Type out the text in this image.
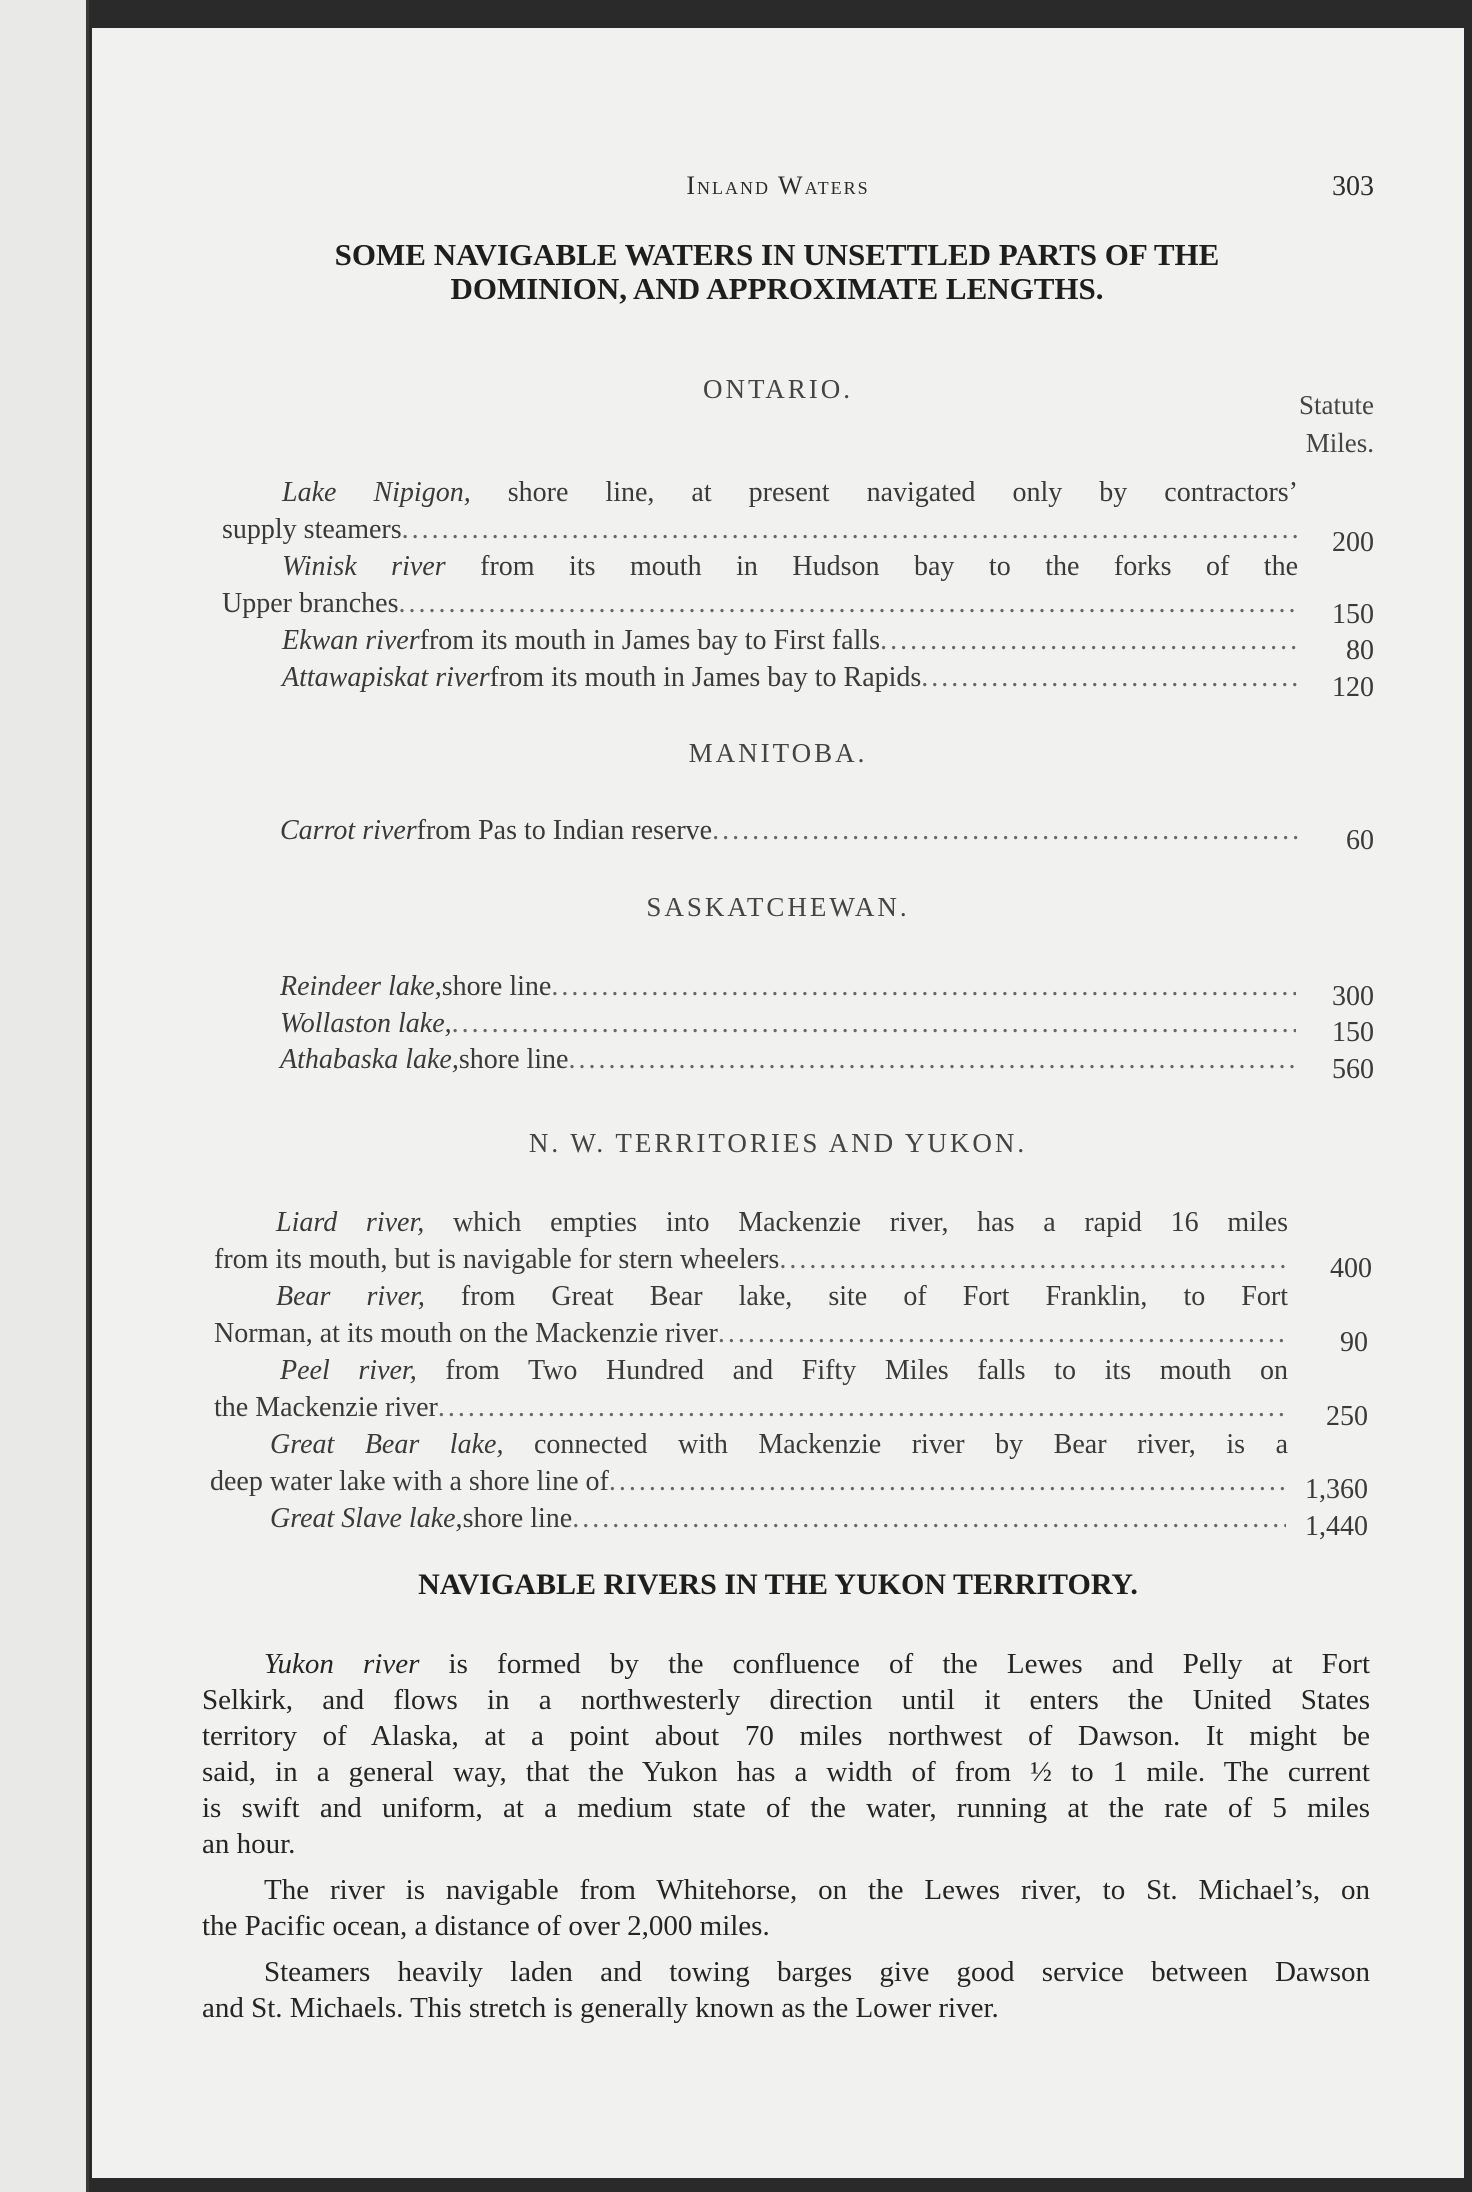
Inland Waters	303
SOME NAVIGABLE WATERS IN UNSETTLED PARTS OF THE
DOMINION, AND APPROXIMATE LENGTHS.
ONTARIO.
Statute
Miles.
Lake Nipigon, shore line, at present navigated only by contractors’
supply steamers .....	200
Winisk river from its mouth in Hudson bay to the forks of the
Upper branches .....	150
Ekwan river from its mouth in James bay to First falls .....	80
Attawapiskat river from its mouth in James bay to Rapids .....	120
MANITOBA.
Carrot river from Pas to Indian reserve .....	60
SASKATCHEWAN.
Reindeer lake, shore line .....	300
Wollaston lake, .....	150
Athabaska lake, shore line .....	560
N. W. TERRITORIES AND YUKON.
Liard river, which empties into Mackenzie river, has a rapid 16 miles
from its mouth, but is navigable for stern wheelers .....	400
Bear river, from Great Bear lake, site of Fort Franklin, to Fort
Norman, at its mouth on the Mackenzie river .....	90
Peel river, from Two Hundred and Fifty Miles falls to its mouth on
the Mackenzie river .....	250
Great Bear lake, connected with Mackenzie river by Bear river, is a
deep water lake with a shore line of .....	1,360
Great Slave lake, shore line .....	1,440
NAVIGABLE RIVERS IN THE YUKON TERRITORY.
Yukon river is formed by the confluence of the Lewes and Pelly at Fort
Selkirk, and flows in a northwesterly direction until it enters the United States
territory of Alaska, at a point about 70 miles northwest of Dawson. It might be
said, in a general way, that the Yukon has a width of from ½ to 1 mile. The current
is swift and uniform, at a medium state of the water, running at the rate of 5 miles
an hour.
The river is navigable from Whitehorse, on the Lewes river, to St. Michael’s, on
the Pacific ocean, a distance of over 2,000 miles.
Steamers heavily laden and towing barges give good service between Dawson
and St. Michaels. This stretch is generally known as the Lower river.
